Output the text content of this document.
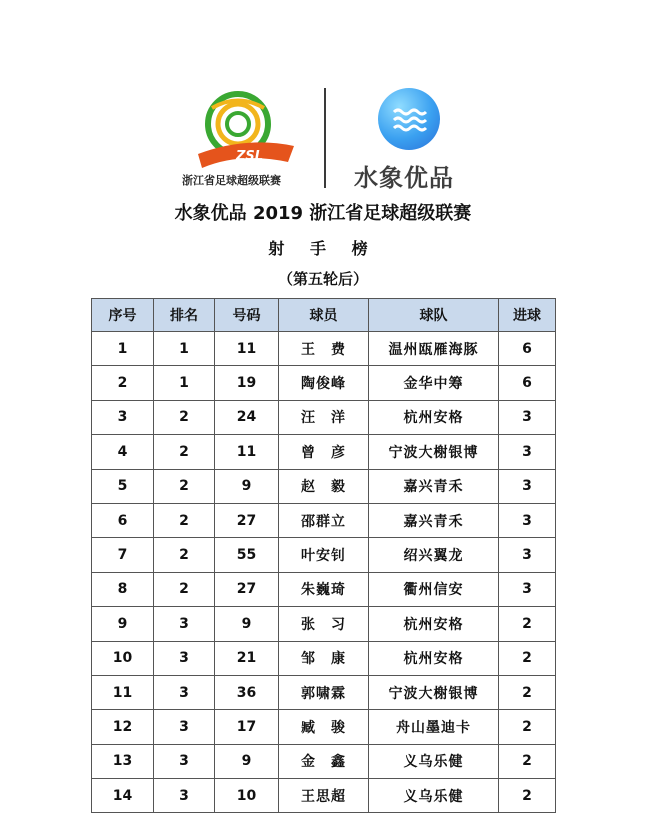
ZSL
浙江省足球超级联赛	水象优品
水象优品 2019 浙江省足球超级联赛
射 手 榜
（第五轮后）
序号	排名	号码	球员	球队	进球
1	1	11	王　费	温州瓯雁海豚	6
2	1	19	陶俊峰	金华中筹	6
3	2	24	汪　洋	杭州安格	3
4	2	11	曾　彦	宁波大榭银博	3
5	2	9	赵　毅	嘉兴青禾	3
6	2	27	邵群立	嘉兴青禾	3
7	2	55	叶安钊	绍兴翼龙	3
8	2	27	朱巍琦	衢州信安	3
9	3	9	张　习	杭州安格	2
10	3	21	邹　康	杭州安格	2
11	3	36	郭啸霖	宁波大榭银博	2
12	3	17	臧　骏	舟山墨迪卡	2
13	3	9	金　鑫	义乌乐健	2
14	3	10	王思超	义乌乐健	2
